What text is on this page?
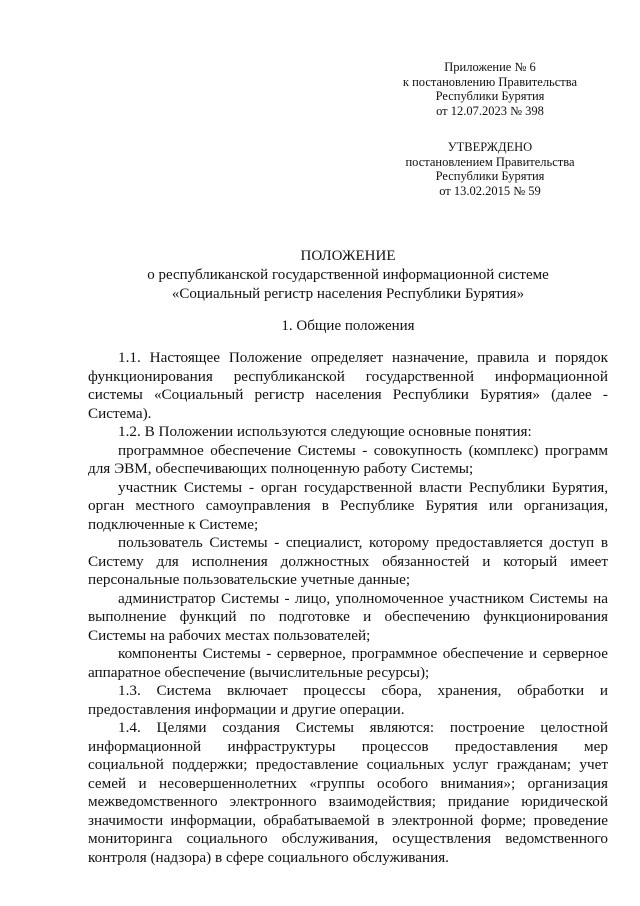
Приложение № 6
к постановлению Правительства
Республики Бурятия
от 12.07.2023 № 398
УТВЕРЖДЕНО
постановлением Правительства
Республики Бурятия
от 13.02.2015 № 59
ПОЛОЖЕНИЕ
о республиканской государственной информационной системе
«Социальный регистр населения Республики Бурятия»
1. Общие положения
1.1. Настоящее Положение определяет назначение, правила и порядок
функционирования республиканской государственной информационной
системы «Социальный регистр населения Республики Бурятия» (далее -
Система).
1.2. В Положении используются следующие основные понятия:
программное обеспечение Системы - совокупность (комплекс) программ
для ЭВМ, обеспечивающих полноценную работу Системы;
участник Системы - орган государственной власти Республики Бурятия,
орган местного самоуправления в Республике Бурятия или организация,
подключенные к Системе;
пользователь Системы - специалист, которому предоставляется доступ в
Систему для исполнения должностных обязанностей и который имеет
персональные пользовательские учетные данные;
администратор Системы - лицо, уполномоченное участником Системы на
выполнение функций по подготовке и обеспечению функционирования
Системы на рабочих местах пользователей;
компоненты Системы - серверное, программное обеспечение и серверное
аппаратное обеспечение (вычислительные ресурсы);
1.3. Система включает процессы сбора, хранения, обработки и
предоставления информации и другие операции.
1.4. Целями создания Системы являются: построение целостной
информационной инфраструктуры процессов предоставления мер
социальной поддержки; предоставление социальных услуг гражданам; учет
семей и несовершеннолетних «группы особого внимания»; организация
межведомственного электронного взаимодействия; придание юридической
значимости информации, обрабатываемой в электронной форме; проведение
мониторинга социального обслуживания, осуществления ведомственного
контроля (надзора) в сфере социального обслуживания.
